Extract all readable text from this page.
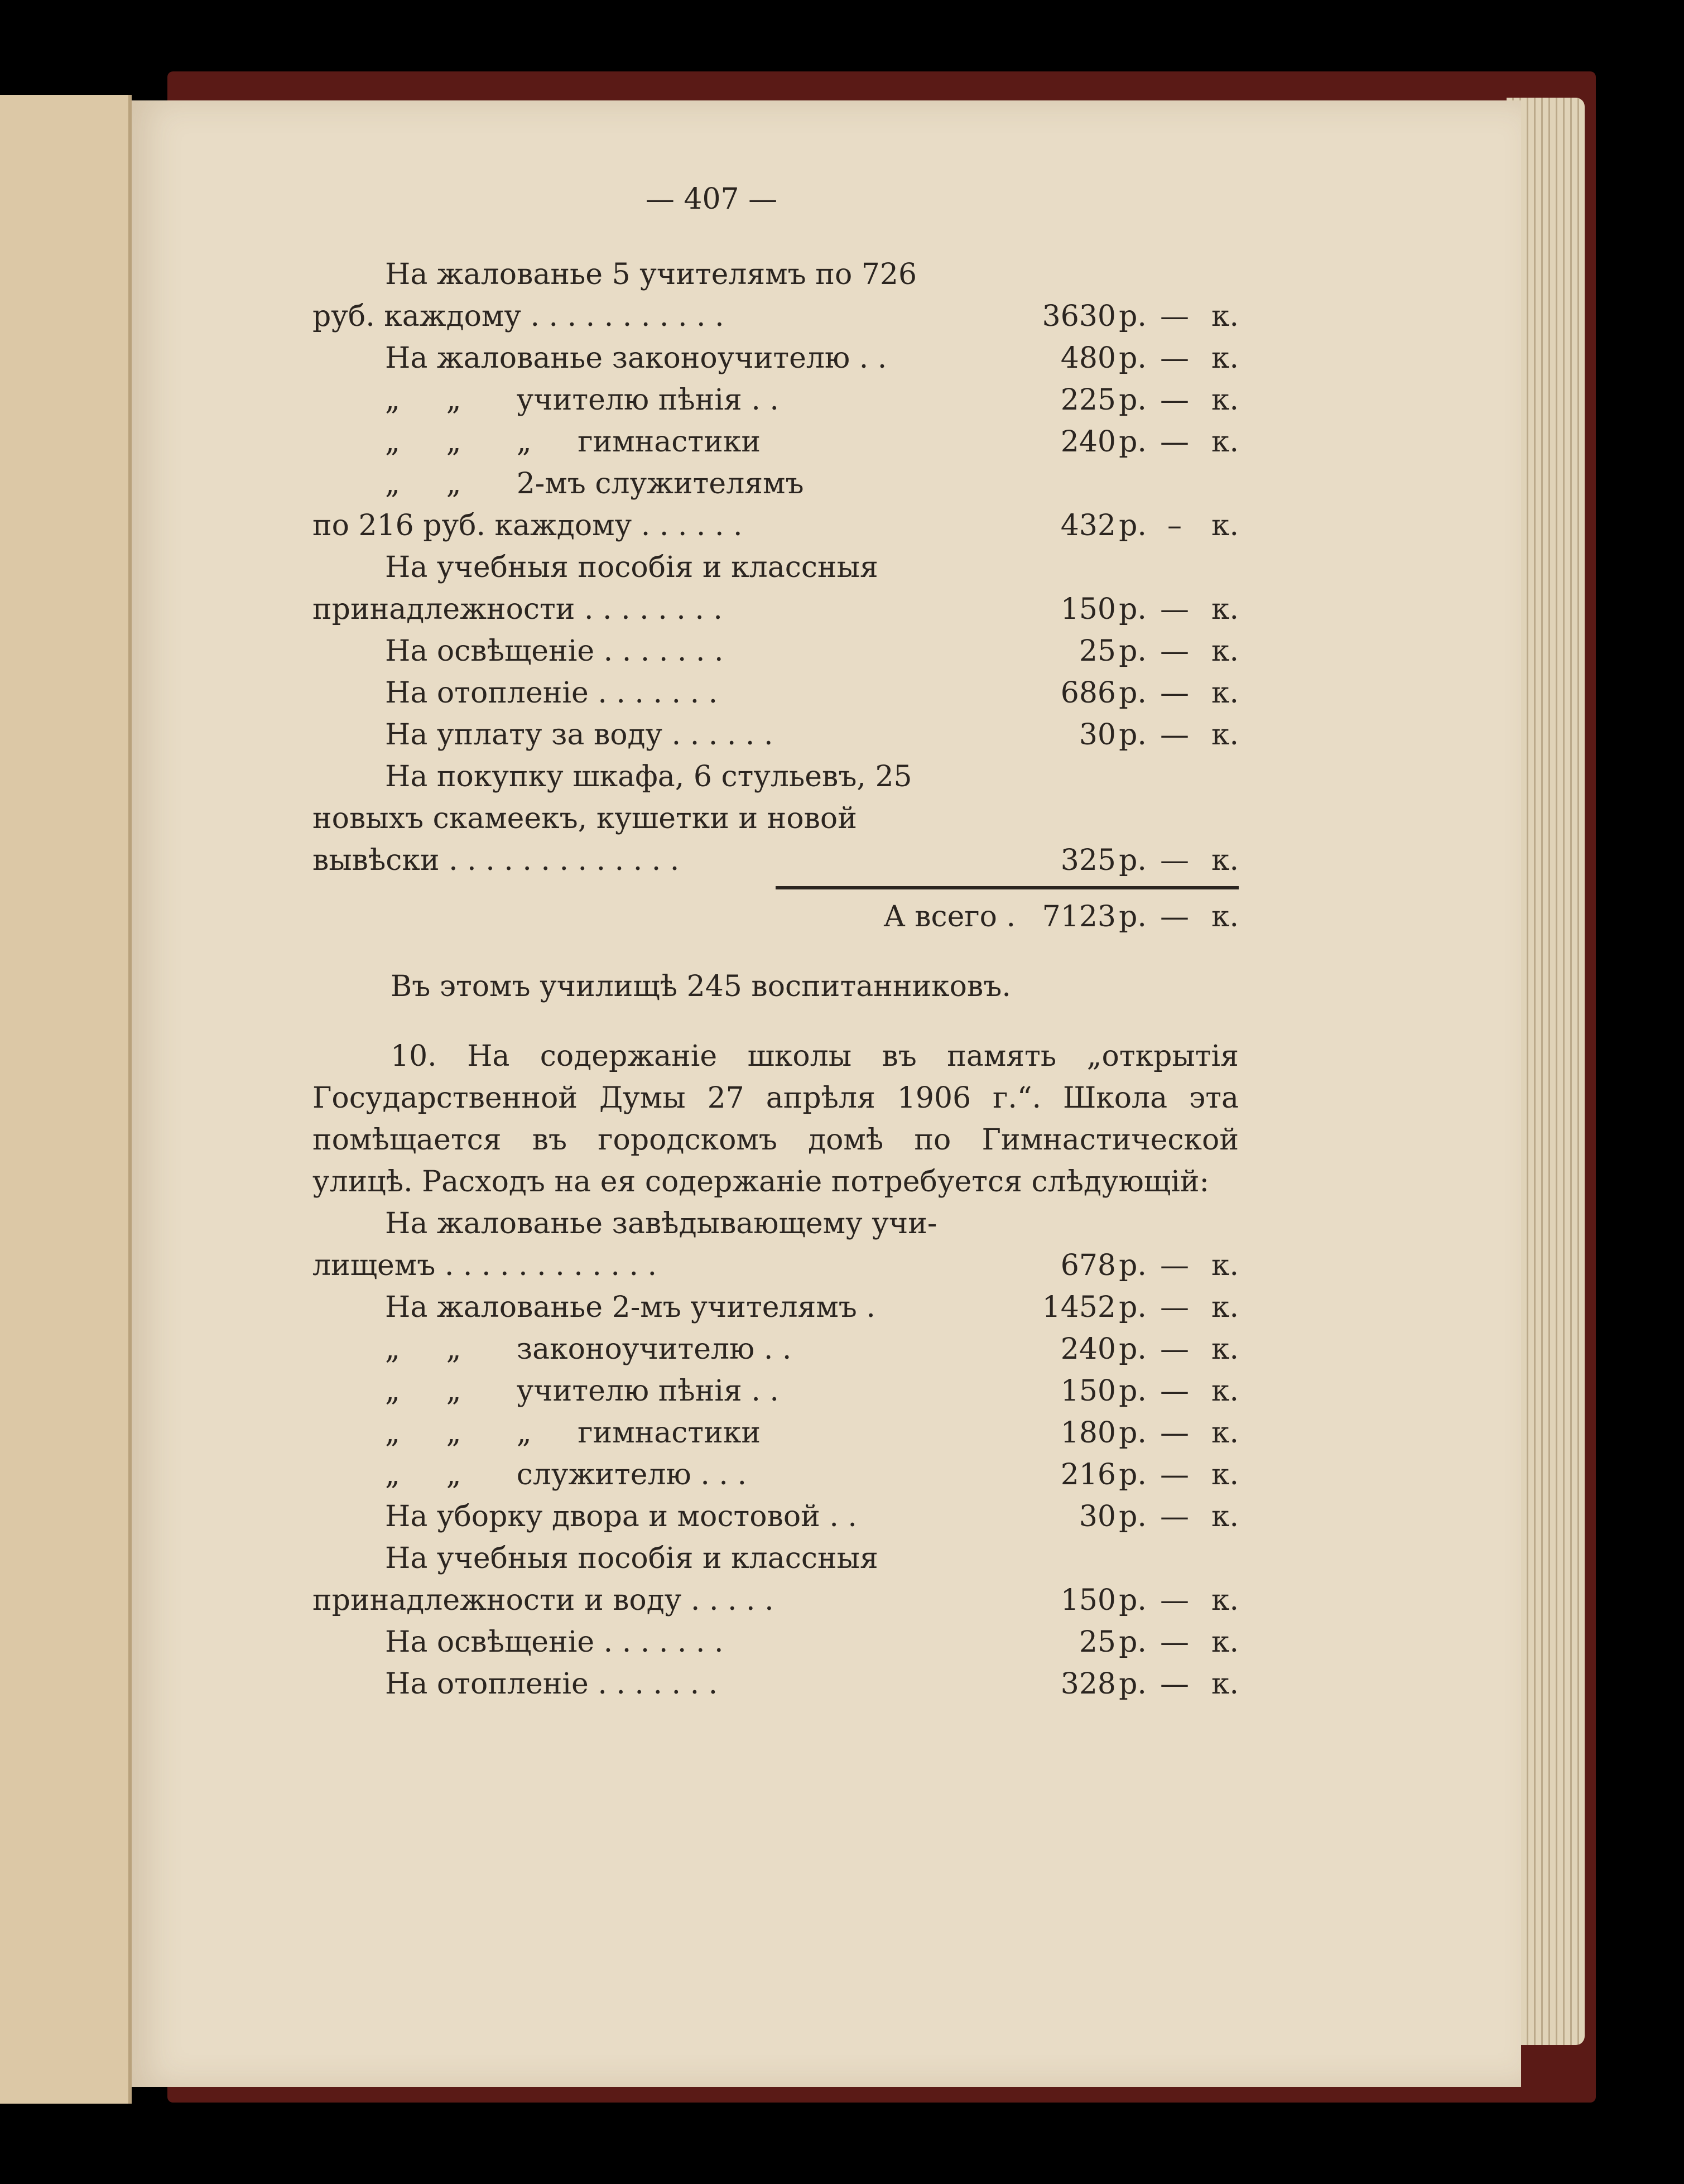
— 407 —
На жалованье 5 учителямъ по 726
руб. каждому . . . . . . . . . . .	3630 р. — к.
На жалованье законоучителю . .	480 р. — к.
„     „      учителю пѣнія . .	225 р. — к.
„     „      „     гимнастики	240 р. — к.
„     „      2-мъ служителямъ
по 216 руб. каждому . . . . . .	432 р. –	к.
На учебныя пособія и классныя
принадлежности . . . . . . . .	150 р. — к.
На освѣщеніе . . . . . . .	25 р. — к.
На отопленіе . . . . . . .	686 р. — к.
На уплату за воду . . . . . .	30 р. — к.
На покупку шкафа, 6 стульевъ, 25
новыхъ скамеекъ, кушетки и новой
вывѣски . . . . . . . . . . . . .	325 р. — к.
А всего . 7123 р. — к.
Въ этомъ училищѣ 245 воспитанниковъ.
10. На содержаніе школы въ память „открытія Государственной Думы 27 апрѣля 1906 г.“. Школа эта помѣщается въ городскомъ домѣ по Гимнастической улицѣ. Расходъ на ея содержаніе потребуется слѣдующій:
На жалованье завѣдывающему учи-
лищемъ . . . . . . . . . . . .	678 р. — к.
На жалованье 2-мъ учителямъ .	1452 р. — к.
„     „      законоучителю . .	240 р. — к.
„     „      учителю пѣнія . .	150 р. — к.
„     „      „     гимнастики	180 р. — к.
„     „      служителю . . .	216 р. — к.
На уборку двора и мостовой . .	30 р. — к.
На учебныя пособія и классныя
принадлежности и воду . . . . .	150 р. — к.
На освѣщеніе . . . . . . .	25 р. — к.
На отопленіе . . . . . . .	328 р. — к.
